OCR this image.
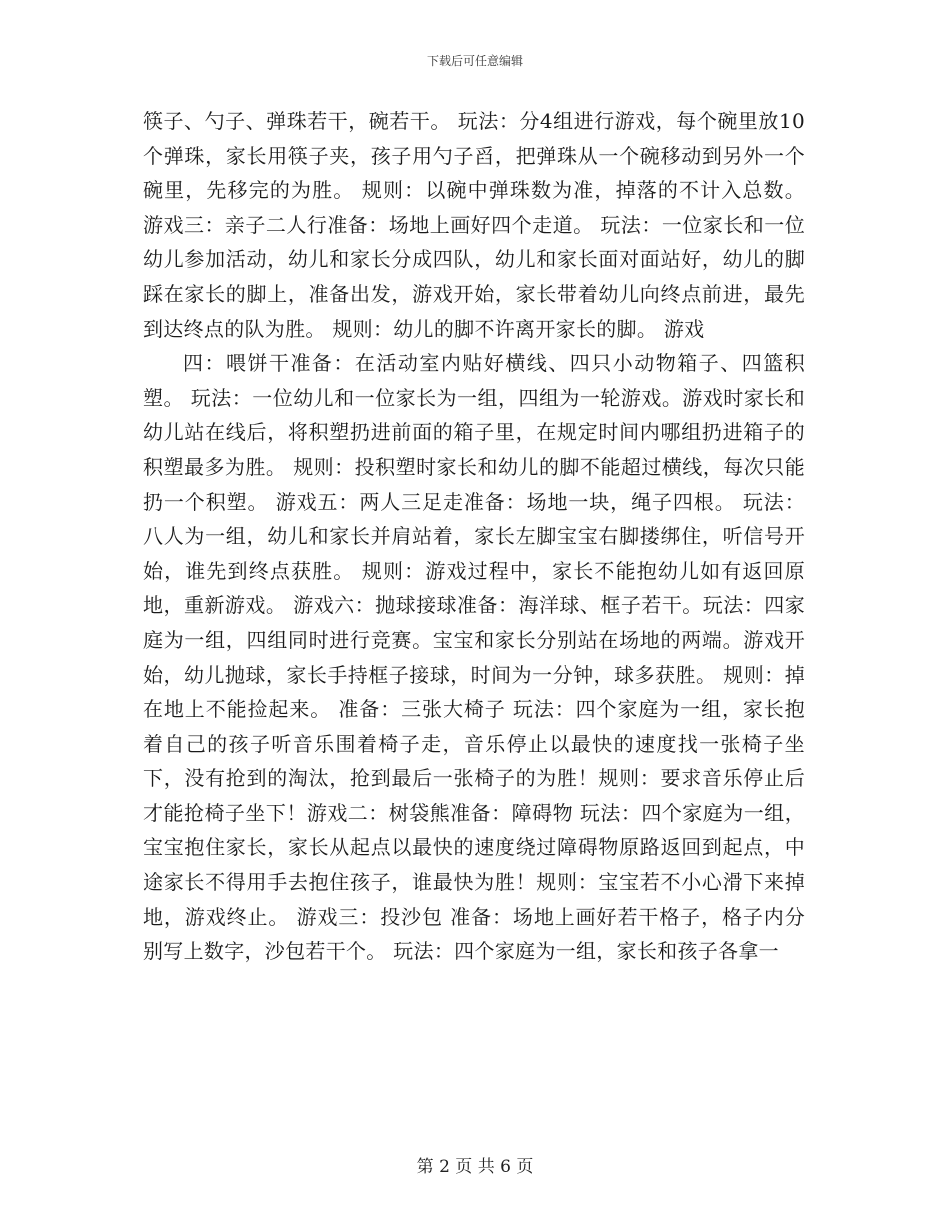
下载后可任意编辑

筷子、勺子、弹珠若干，碗若干。 玩法：分4组进行游戏，每个碗里放10个弹珠，家长用筷子夹，孩子用勺子舀，把弹珠从一个碗移动到另外一个碗里，先移完的为胜。 规则：以碗中弹珠数为准，掉落的不计入总数。 游戏三：亲子二人行准备：场地上画好四个走道。 玩法：一位家长和一位幼儿参加活动，幼儿和家长分成四队，幼儿和家长面对面站好，幼儿的脚踩在家长的脚上，准备出发，游戏开始，家长带着幼儿向终点前进，最先到达终点的队为胜。 规则：幼儿的脚不许离开家长的脚。 游戏

四：喂饼干准备：在活动室内贴好横线、四只小动物箱子、四篮积塑。 玩法：一位幼儿和一位家长为一组，四组为一轮游戏。游戏时家长和幼儿站在线后，将积塑扔进前面的箱子里，在规定时间内哪组扔进箱子的积塑最多为胜。 规则：投积塑时家长和幼儿的脚不能超过横线，每次只能扔一个积塑。 游戏五：两人三足走准备：场地一块，绳子四根。 玩法：八人为一组，幼儿和家长并肩站着，家长左脚宝宝右脚搂绑住，听信号开始，谁先到终点获胜。 规则：游戏过程中，家长不能抱幼儿如有返回原地，重新游戏。 游戏六：抛球接球准备：海洋球、框子若干。玩法：四家庭为一组，四组同时进行竞赛。宝宝和家长分别站在场地的两端。游戏开始，幼儿抛球，家长手持框子接球，时间为一分钟，球多获胜。 规则：掉在地上不能捡起来。 准备：三张大椅子 玩法：四个家庭为一组，家长抱着自己的孩子听音乐围着椅子走，音乐停止以最快的速度找一张椅子坐下，没有抢到的淘汰，抢到最后一张椅子的为胜！规则：要求音乐停止后才能抢椅子坐下！游戏二：树袋熊准备：障碍物 玩法：四个家庭为一组，宝宝抱住家长，家长从起点以最快的速度绕过障碍物原路返回到起点，中途家长不得用手去抱住孩子，谁最快为胜！规则：宝宝若不小心滑下来掉地，游戏终止。 游戏三：投沙包 准备：场地上画好若干格子，格子内分别写上数字，沙包若干个。 玩法：四个家庭为一组，家长和孩子各拿一

第 2 页 共 6 页
